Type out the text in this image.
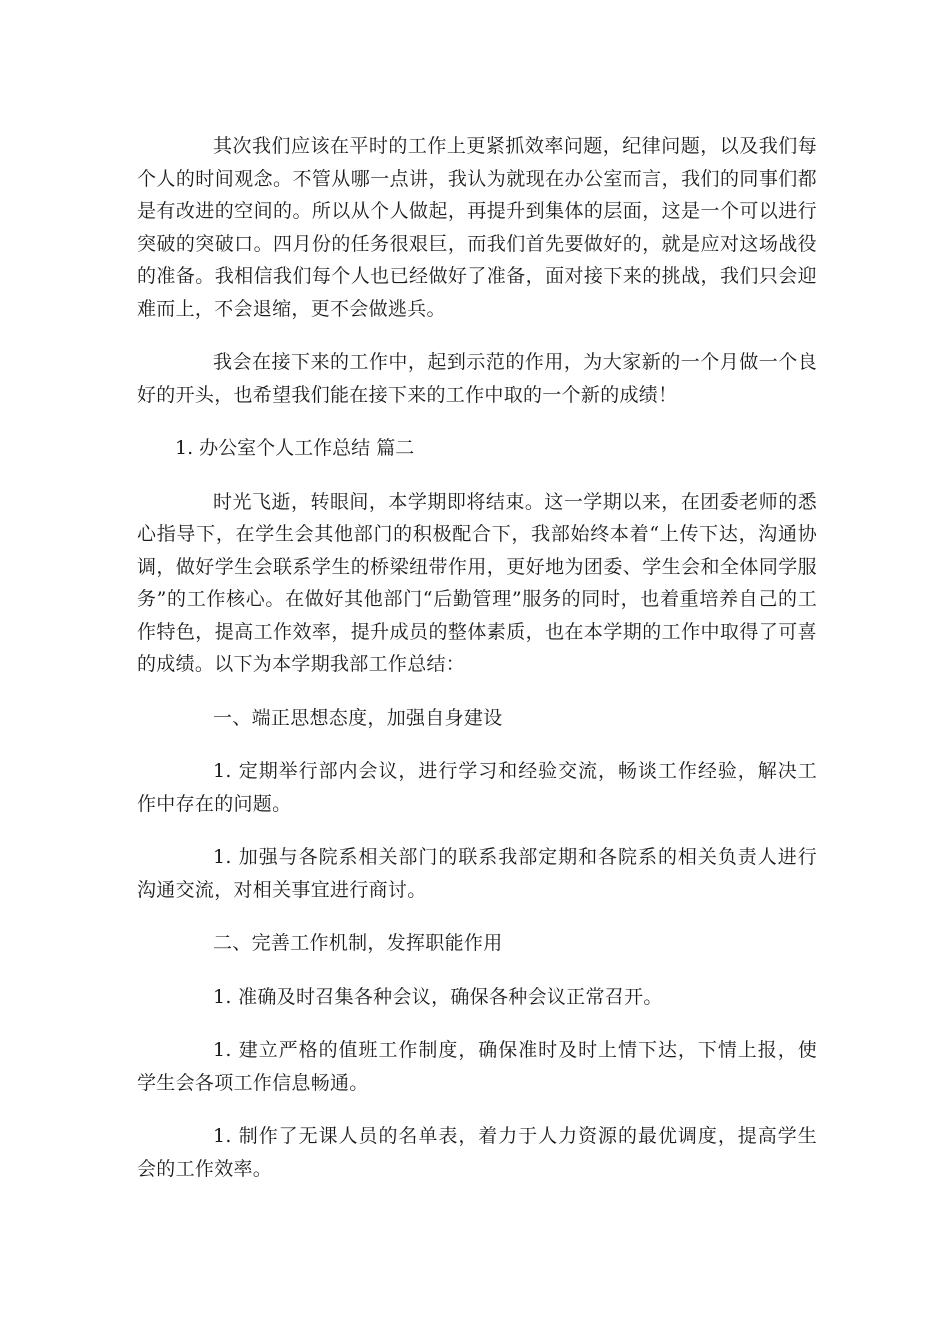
其次我们应该在平时的工作上更紧抓效率问题，纪律问题，以及我们每个人的时间观念。不管从哪一点讲，我认为就现在办公室而言，我们的同事们都是有改进的空间的。所以从个人做起，再提升到集体的层面，这是一个可以进行突破的突破口。四月份的任务很艰巨，而我们首先要做好的，就是应对这场战役的准备。我相信我们每个人也已经做好了准备，面对接下来的挑战，我们只会迎难而上，不会退缩，更不会做逃兵。

我会在接下来的工作中，起到示范的作用，为大家新的一个月做一个良好的开头，也希望我们能在接下来的工作中取的一个新的成绩！

1. 办公室个人工作总结 篇二

时光飞逝，转眼间，本学期即将结束。这一学期以来，在团委老师的悉心指导下，在学生会其他部门的积极配合下，我部始终本着“上传下达，沟通协调，做好学生会联系学生的桥梁纽带作用，更好地为团委、学生会和全体同学服务”的工作核心。在做好其他部门“后勤管理”服务的同时，也着重培养自己的工作特色，提高工作效率，提升成员的整体素质，也在本学期的工作中取得了可喜的成绩。以下为本学期我部工作总结：

一、端正思想态度，加强自身建设

1. 定期举行部内会议，进行学习和经验交流，畅谈工作经验，解决工作中存在的问题。

1. 加强与各院系相关部门的联系我部定期和各院系的相关负责人进行沟通交流，对相关事宜进行商讨。

二、完善工作机制，发挥职能作用

1. 准确及时召集各种会议，确保各种会议正常召开。

1. 建立严格的值班工作制度，确保准时及时上情下达，下情上报，使学生会各项工作信息畅通。

1. 制作了无课人员的名单表，着力于人力资源的最优调度，提高学生会的工作效率。
